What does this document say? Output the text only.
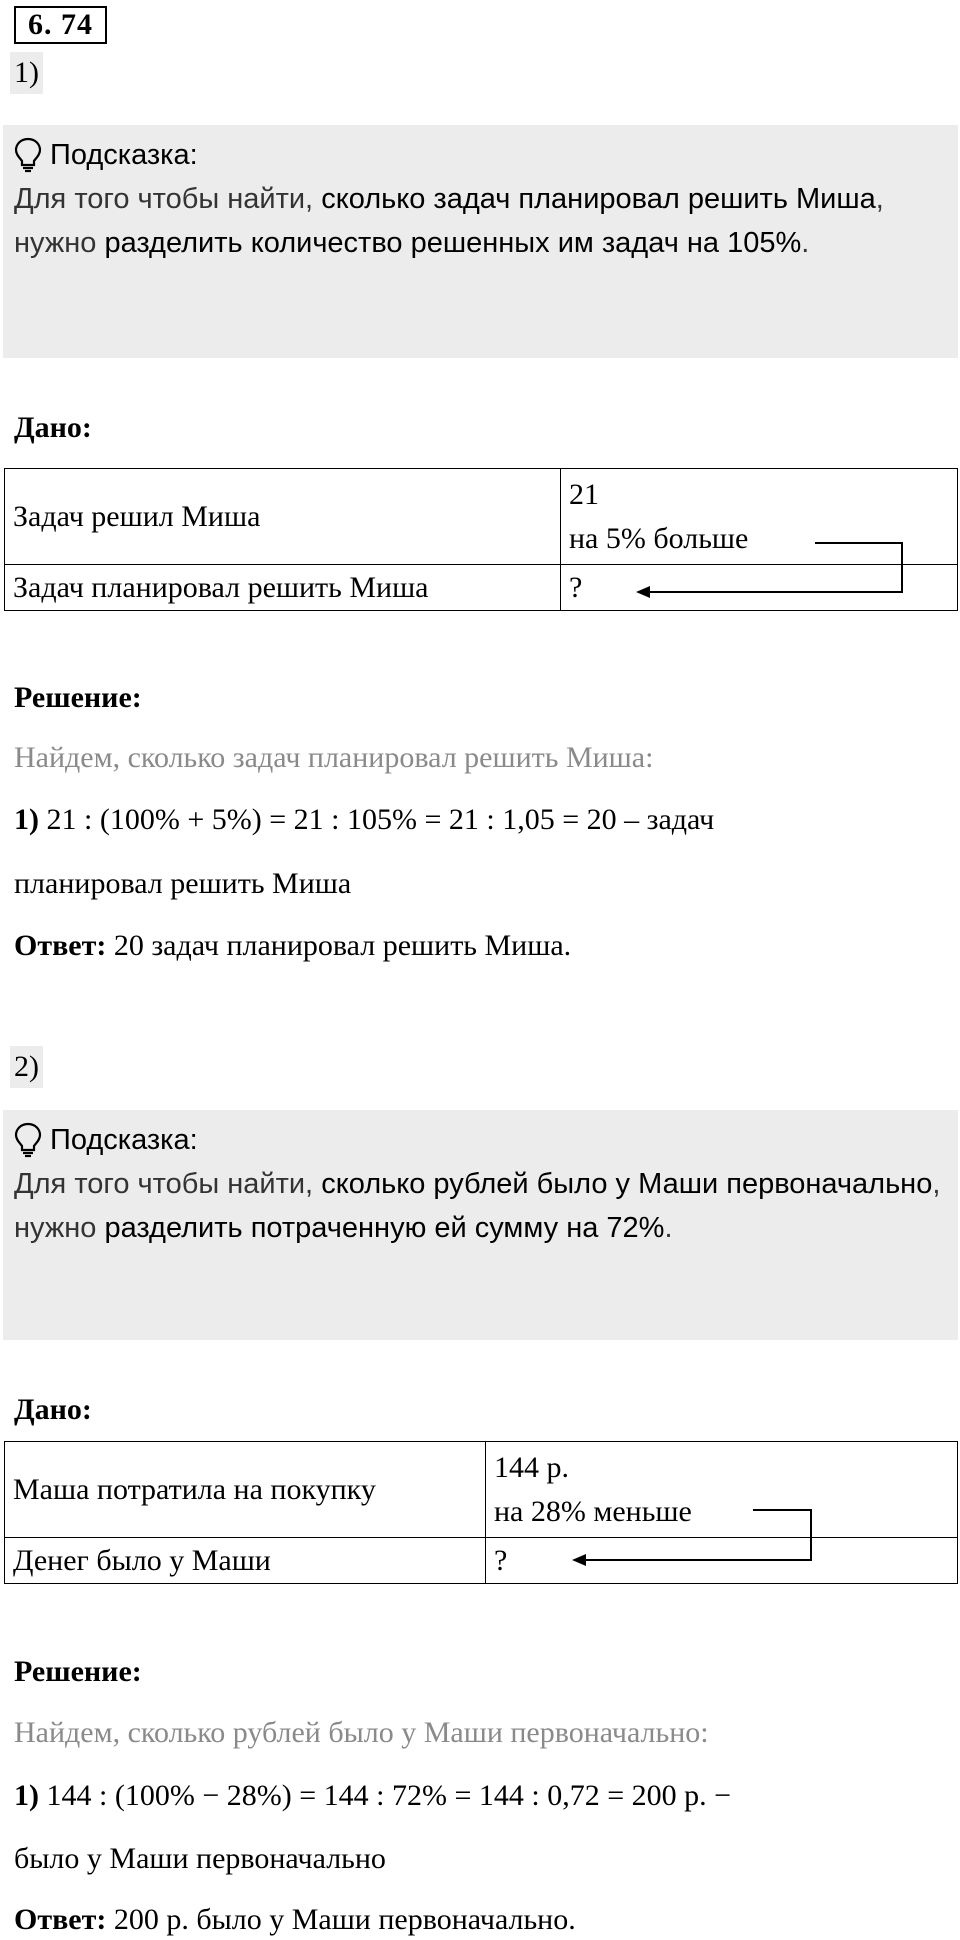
6. 74
1)
Подсказка:
Для того чтобы найти, сколько задач планировал решить Миша, нужно разделить количество решенных им задач на 105%.
Дано:
Задач решил Миша	21
на 5% больше

Задач планировал решить Миша	?
Решение:
Найдем, сколько задач планировал решить Миша:
1) 21 : (100% + 5%) = 21 : 105% = 21 : 1,05 = 20 – задач
планировал решить Миша
Ответ: 20 задач планировал решить Миша.
2)
Подсказка:
Для того чтобы найти, сколько рублей было у Маши первоначально, нужно разделить потраченную ей сумму на 72%.
Дано:
Маша потратила на покупку	144 р.
на 28% меньше

Денег было у Маши	?
Решение:
Найдем, сколько рублей было у Маши первоначально:
1) 144 : (100% − 28%) = 144 : 72% = 144 : 0,72 = 200 р. −
было у Маши первоначально
Ответ: 200 р. было у Маши первоначально.
